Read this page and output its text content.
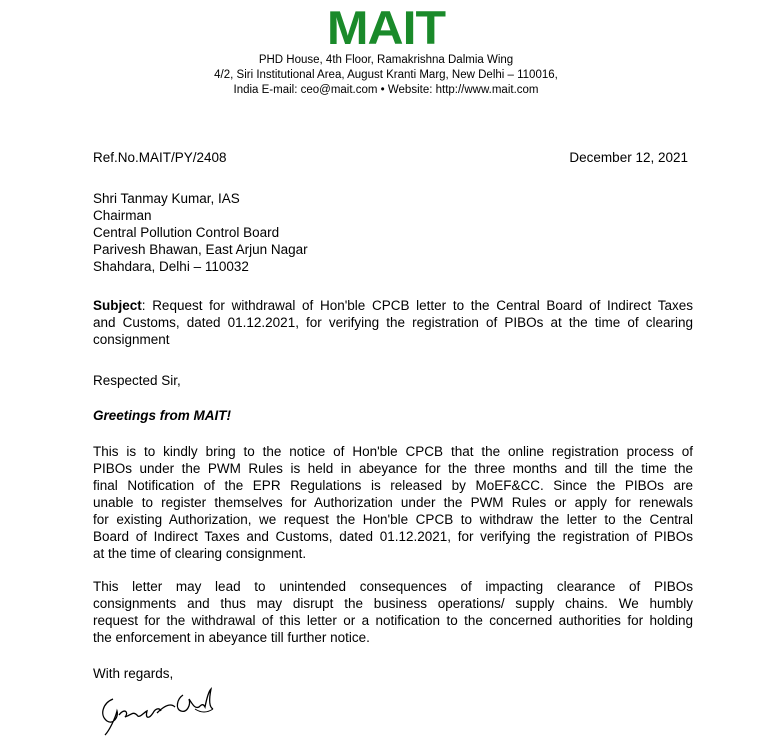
MAIT
PHD House, 4th Floor, Ramakrishna Dalmia Wing
4/2, Siri Institutional Area, August Kranti Marg, New Delhi – 110016,
India E-mail: ceo@mait.com • Website: http://www.mait.com
Ref.No.MAIT/PY/2408	December 12, 2021
Shri Tanmay Kumar, IAS
Chairman
Central Pollution Control Board
Parivesh Bhawan, East Arjun Nagar
Shahdara, Delhi – 110032
Subject: Request for withdrawal of Hon'ble CPCB letter to the Central Board of Indirect Taxes
and Customs, dated 01.12.2021, for verifying the registration of PIBOs at the time of clearing
consignment
Respected Sir,
Greetings from MAIT!
This is to kindly bring to the notice of Hon'ble CPCB that the online registration process of
PIBOs under the PWM Rules is held in abeyance for the three months and till the time the
final Notification of the EPR Regulations is released by MoEF&CC. Since the PIBOs are
unable to register themselves for Authorization under the PWM Rules or apply for renewals
for existing Authorization, we request the Hon'ble CPCB to withdraw the letter to the Central
Board of Indirect Taxes and Customs, dated 01.12.2021, for verifying the registration of PIBOs
at the time of clearing consignment.
This letter may lead to unintended consequences of impacting clearance of PIBOs
consignments and thus may disrupt the business operations/ supply chains. We humbly
request for the withdrawal of this letter or a notification to the concerned authorities for holding
the enforcement in abeyance till further notice.
With regards,
